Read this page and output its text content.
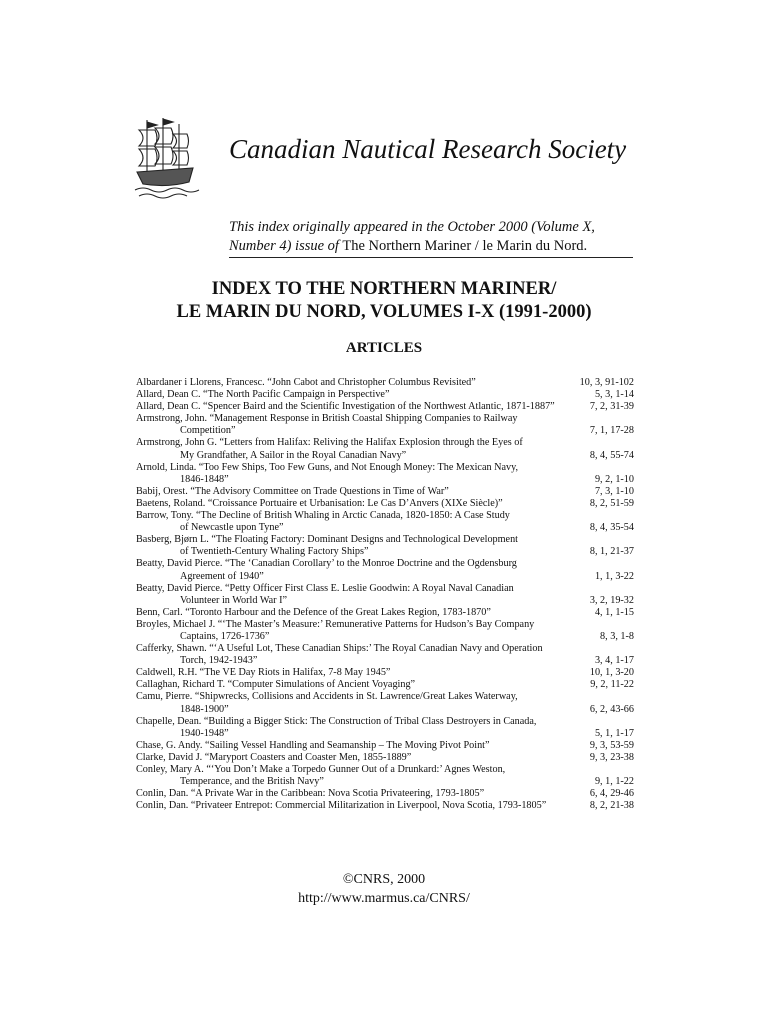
Canadian Nautical Research Society
This index originally appeared in the October 2000 (Volume X, Number 4) issue of The Northern Mariner / le Marin du Nord.
INDEX TO THE NORTHERN MARINER/
LE MARIN DU NORD, VOLUMES I-X (1991-2000)
ARTICLES
Albardaner i Llorens, Francesc. “John Cabot and Christopher Columbus Revisited”	10, 3, 91-102
Allard, Dean C. “The North Pacific Campaign in Perspective”	5, 3, 1-14
Allard, Dean C. “Spencer Baird and the Scientific Investigation of the Northwest Atlantic, 1871-1887”	7, 2, 31-39
Armstrong, John. “Management Response in British Coastal Shipping Companies to Railway
Competition”	7, 1, 17-28
Armstrong, John G. “Letters from Halifax: Reliving the Halifax Explosion through the Eyes of
My Grandfather, A Sailor in the Royal Canadian Navy”	8, 4, 55-74
Arnold, Linda. “Too Few Ships, Too Few Guns, and Not Enough Money: The Mexican Navy,
1846-1848”	9, 2, 1-10
Babij, Orest. “The Advisory Committee on Trade Questions in Time of War”	7, 3, 1-10
Baetens, Roland. “Croissance Portuaire et Urbanisation: Le Cas D’Anvers (XIXe Siècle)”	8, 2, 51-59
Barrow, Tony. “The Decline of British Whaling in Arctic Canada, 1820-1850: A Case Study
of Newcastle upon Tyne”	8, 4, 35-54
Basberg, Bjørn L. “The Floating Factory: Dominant Designs and Technological Development
of Twentieth-Century Whaling Factory Ships”	8, 1, 21-37
Beatty, David Pierce. “The ‘Canadian Corollary’ to the Monroe Doctrine and the Ogdensburg
Agreement of 1940”	1, 1, 3-22
Beatty, David Pierce. “Petty Officer First Class E. Leslie Goodwin: A Royal Naval Canadian
Volunteer in World War I”	3, 2, 19-32
Benn, Carl. “Toronto Harbour and the Defence of the Great Lakes Region, 1783-1870”	4, 1, 1-15
Broyles, Michael J. “‘The Master’s Measure:’ Remunerative Patterns for Hudson’s Bay Company
Captains, 1726-1736”	8, 3, 1-8
Cafferky, Shawn. “‘A Useful Lot, These Canadian Ships:’ The Royal Canadian Navy and Operation
Torch, 1942-1943”	3, 4, 1-17
Caldwell, R.H. “The VE Day Riots in Halifax, 7-8 May 1945”	10, 1, 3-20
Callaghan, Richard T. “Computer Simulations of Ancient Voyaging”	9, 2, 11-22
Camu, Pierre. “Shipwrecks, Collisions and Accidents in St. Lawrence/Great Lakes Waterway,
1848-1900”	6, 2, 43-66
Chapelle, Dean. “Building a Bigger Stick: The Construction of Tribal Class Destroyers in Canada,
1940-1948”	5, 1, 1-17
Chase, G. Andy. “Sailing Vessel Handling and Seamanship – The Moving Pivot Point”	9, 3, 53-59
Clarke, David J. “Maryport Coasters and Coaster Men, 1855-1889”	9, 3, 23-38
Conley, Mary A. “‘You Don’t Make a Torpedo Gunner Out of a Drunkard:’ Agnes Weston,
Temperance, and the British Navy”	9, 1, 1-22
Conlin, Dan. “A Private War in the Caribbean: Nova Scotia Privateering, 1793-1805”	6, 4, 29-46
Conlin, Dan. “Privateer Entrepot: Commercial Militarization in Liverpool, Nova Scotia, 1793-1805”	8, 2, 21-38
©CNRS, 2000
http://www.marmus.ca/CNRS/
